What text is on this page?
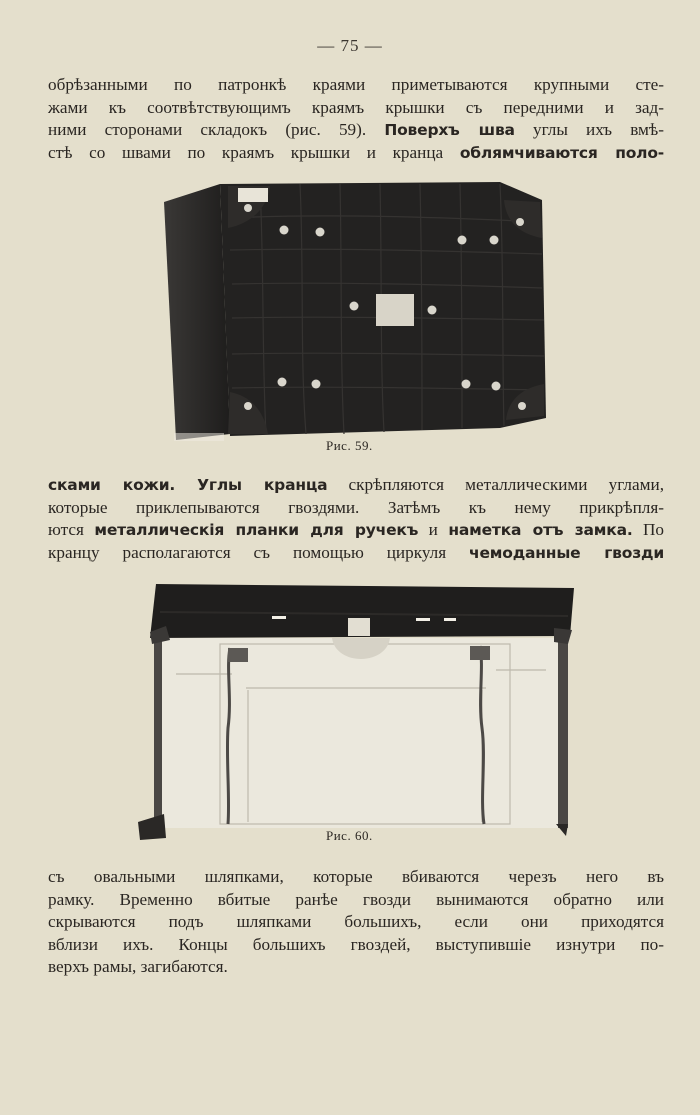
— 75 —

обрѣзанными по патронкѣ краями приметываются крупными сте-
жами къ соотвѣтствующимъ краямъ крышки съ передними и зад-
ними сторонами складокъ (рис. 59). Поверхъ шва углы ихъ вмѣ-
стѣ со швами по краямъ крышки и кранца облямчиваются поло-

Рис. 59.

сками кожи. Углы кранца скрѣпляются металлическими углами,
которые приклепываются гвоздями. Затѣмъ къ нему прикрѣпля-
ются металлическія планки для ручекъ и наметка отъ замка. По
кранцу располагаются съ помощью циркуля чемоданные гвозди

Рис. 60.

съ овальными шляпками, которые вбиваются черезъ него въ
рамку. Временно вбитые ранѣе гвозди вынимаются обратно или
скрываются подъ шляпками большихъ, если они приходятся
вблизи ихъ. Концы большихъ гвоздей, выступившіе изнутри по-
верхъ рамы, загибаются.
